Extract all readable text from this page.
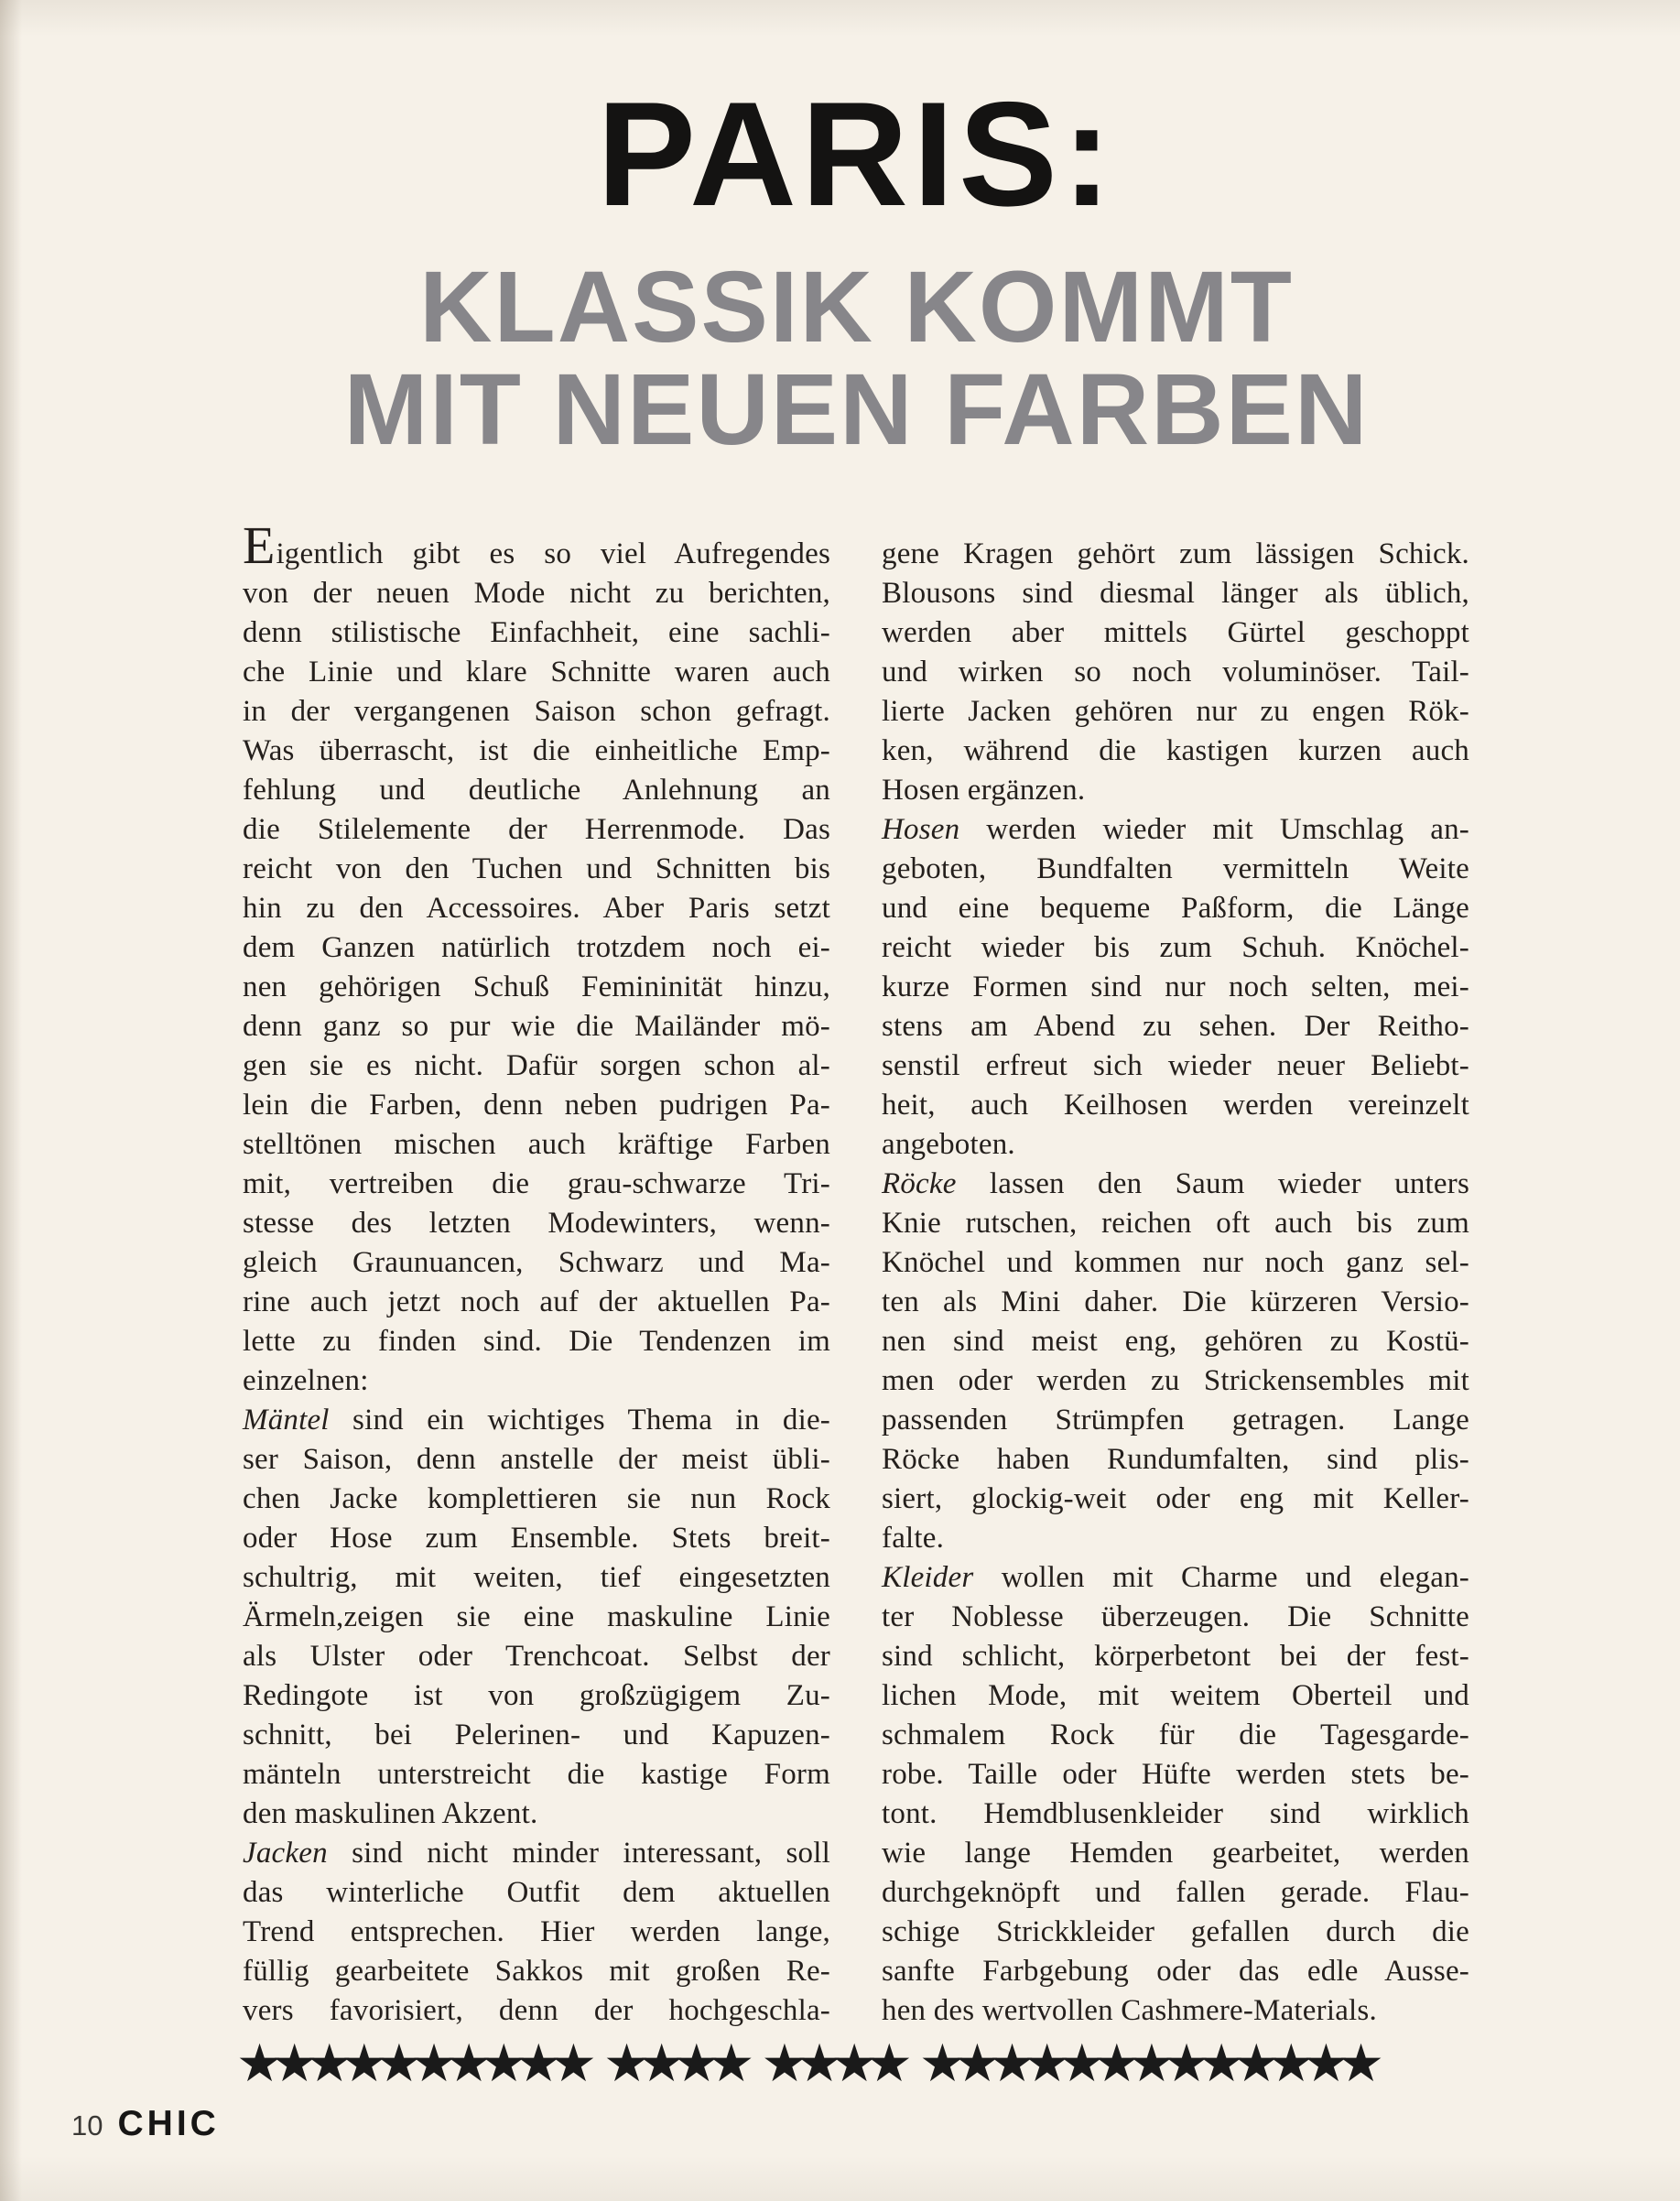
PARIS:
KLASSIK KOMMT
MIT NEUEN FARBEN
Eigentlich gibt es so viel Aufregendes
von der neuen Mode nicht zu berichten,
denn stilistische Einfachheit, eine sachli-
che Linie und klare Schnitte waren auch
in der vergangenen Saison schon gefragt.
Was überrascht, ist die einheitliche Emp-
fehlung und deutliche Anlehnung an
die Stilelemente der Herrenmode. Das
reicht von den Tuchen und Schnitten bis
hin zu den Accessoires. Aber Paris setzt
dem Ganzen natürlich trotzdem noch ei-
nen gehörigen Schuß Femininität hinzu,
denn ganz so pur wie die Mailänder mö-
gen sie es nicht. Dafür sorgen schon al-
lein die Farben, denn neben pudrigen Pa-
stelltönen mischen auch kräftige Farben
mit, vertreiben die grau-schwarze Tri-
stesse des letzten Modewinters, wenn-
gleich Graunuancen, Schwarz und Ma-
rine auch jetzt noch auf der aktuellen Pa-
lette zu finden sind. Die Tendenzen im
einzelnen:
Mäntel sind ein wichtiges Thema in die-
ser Saison, denn anstelle der meist übli-
chen Jacke komplettieren sie nun Rock
oder Hose zum Ensemble. Stets breit-
schultrig, mit weiten, tief eingesetzten
Ärmeln,zeigen sie eine maskuline Linie
als Ulster oder Trenchcoat. Selbst der
Redingote ist von großzügigem Zu-
schnitt, bei Pelerinen- und Kapuzen-
mänteln unterstreicht die kastige Form
den maskulinen Akzent.
Jacken sind nicht minder interessant, soll
das winterliche Outfit dem aktuellen
Trend entsprechen. Hier werden lange,
füllig gearbeitete Sakkos mit großen Re-
vers favorisiert, denn der hochgeschla-
gene Kragen gehört zum lässigen Schick.
Blousons sind diesmal länger als üblich,
werden aber mittels Gürtel geschoppt
und wirken so noch voluminöser. Tail-
lierte Jacken gehören nur zu engen Rök-
ken, während die kastigen kurzen auch
Hosen ergänzen.
Hosen werden wieder mit Umschlag an-
geboten, Bundfalten vermitteln Weite
und eine bequeme Paßform, die Länge
reicht wieder bis zum Schuh. Knöchel-
kurze Formen sind nur noch selten, mei-
stens am Abend zu sehen. Der Reitho-
senstil erfreut sich wieder neuer Beliebt-
heit, auch Keilhosen werden vereinzelt
angeboten.
Röcke lassen den Saum wieder unters
Knie rutschen, reichen oft auch bis zum
Knöchel und kommen nur noch ganz sel-
ten als Mini daher. Die kürzeren Versio-
nen sind meist eng, gehören zu Kostü-
men oder werden zu Strickensembles mit
passenden Strümpfen getragen. Lange
Röcke haben Rundumfalten, sind plis-
siert, glockig-weit oder eng mit Keller-
falte.
Kleider wollen mit Charme und elegan-
ter Noblesse überzeugen. Die Schnitte
sind schlicht, körperbetont bei der fest-
lichen Mode, mit weitem Oberteil und
schmalem Rock für die Tagesgarde-
robe. Taille oder Hüfte werden stets be-
tont. Hemdblusenkleider sind wirklich
wie lange Hemden gearbeitet, werden
durchgeknöpft und fallen gerade. Flau-
schige Strickkleider gefallen durch die
sanfte Farbgebung oder das edle Ausse-
hen des wertvollen Cashmere-Materials.
★★★★★★★★★★ ★★★★ ★★★★ ★★★★★★★★★★★★★
10 CHIC
